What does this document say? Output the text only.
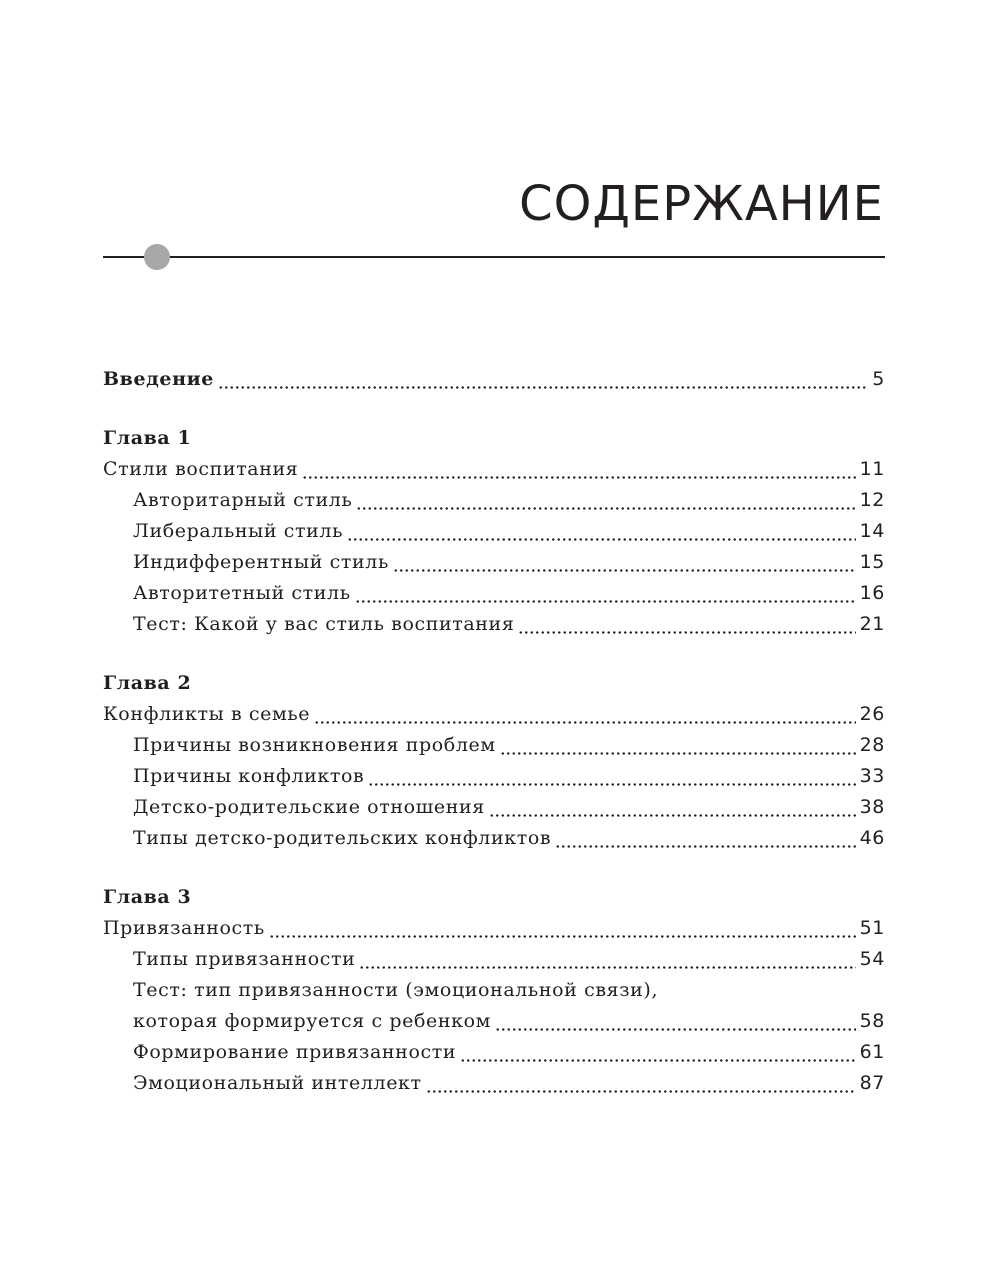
СОДЕРЖАНИЕ
Введение	5
Глава 1
Стили воспитания	11
Авторитарный стиль	12
Либеральный стиль	14
Индифферентный стиль	15
Авторитетный стиль	16
Тест: Какой у вас стиль воспитания	21
Глава 2
Конфликты в семье	26
Причины возникновения проблем	28
Причины конфликтов	33
Детско-родительские отношения	38
Типы детско-родительских конфликтов	46
Глава 3
Привязанность	51
Типы привязанности	54
Тест: тип привязанности (эмоциональной связи),
которая формируется с ребенком	58
Формирование привязанности	61
Эмоциональный интеллект	87
